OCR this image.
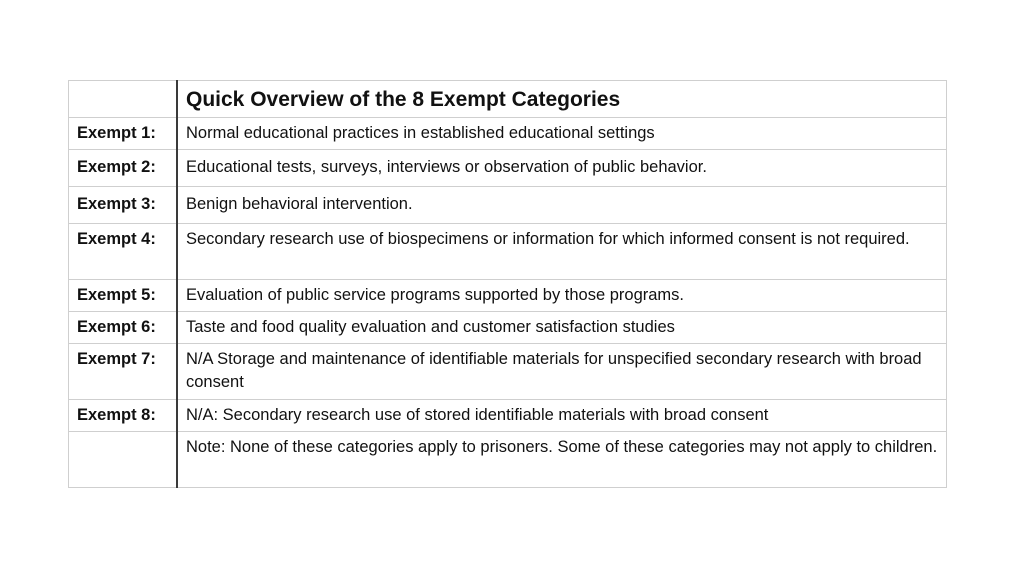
	Quick Overview of the 8 Exempt Categories
Exempt 1:	Normal educational practices in established educational settings
Exempt 2:	Educational tests, surveys, interviews or observation of public behavior.
Exempt 3:	Benign behavioral intervention.
Exempt 4:	Secondary research use of biospecimens or information for which informed consent is not required.
Exempt 5:	Evaluation of public service programs supported by those programs.
Exempt 6:	Taste and food quality evaluation and customer satisfaction studies
Exempt 7:	N/A Storage and maintenance of identifiable materials for unspecified secondary research with broad consent
Exempt 8:	N/A: Secondary research use of stored identifiable materials with broad consent
	Note: None of these categories apply to prisoners. Some of these categories may not apply to children.
